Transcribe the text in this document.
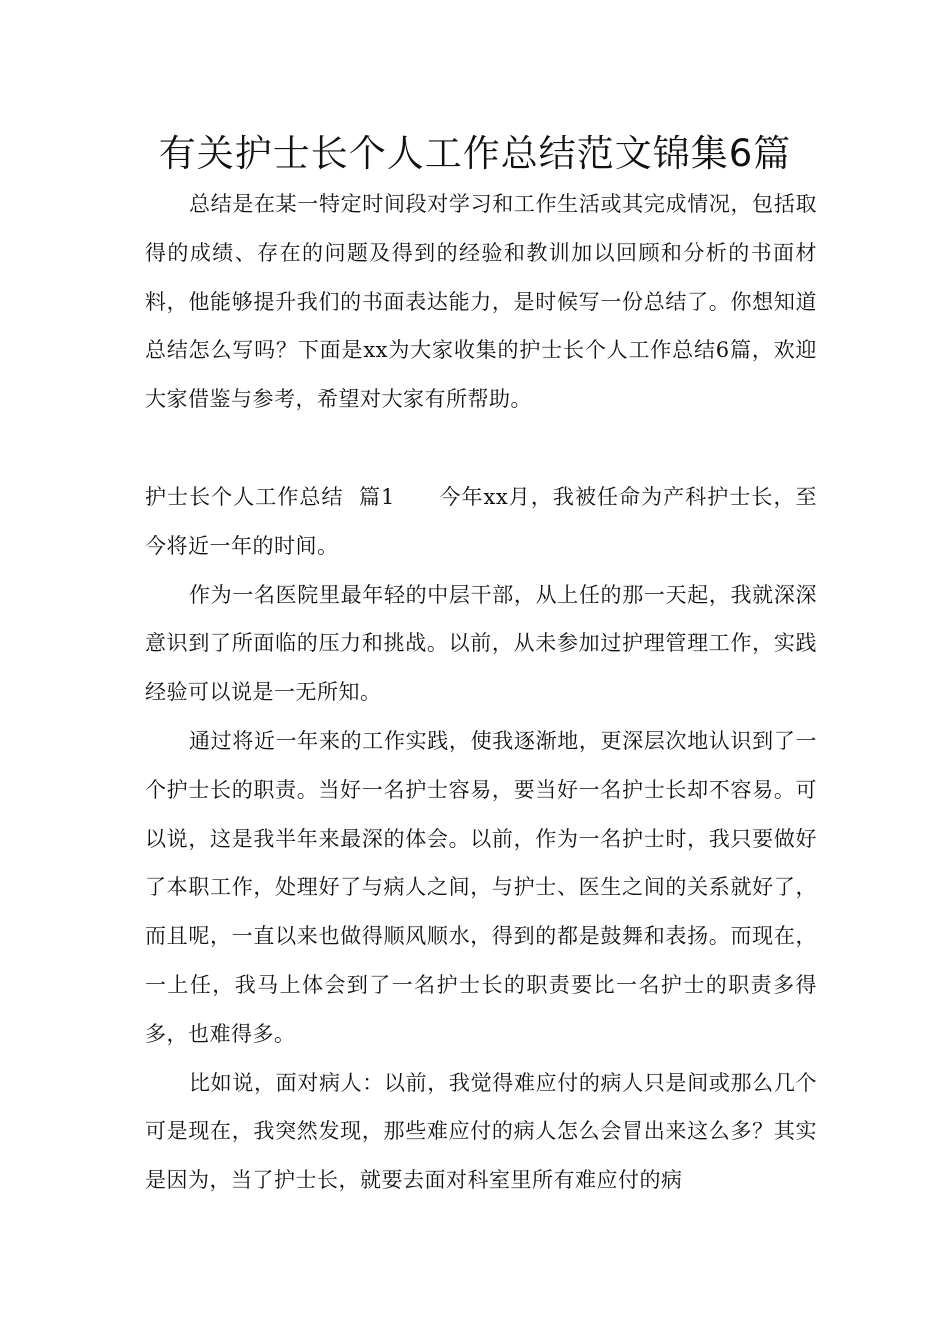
有关护士长个人工作总结范文锦集6篇

总结是在某一特定时间段对学习和工作生活或其完成情况，包括取得的成绩、存在的问题及得到的经验和教训加以回顾和分析的书面材料，他能够提升我们的书面表达能力，是时候写一份总结了。你想知道总结怎么写吗？下面是xx为大家收集的护士长个人工作总结6篇，欢迎大家借鉴与参考，希望对大家有所帮助。

护士长个人工作总结  篇1 今年xx月，我被任命为产科护士长，至今将近一年的时间。

作为一名医院里最年轻的中层干部，从上任的那一天起，我就深深意识到了所面临的压力和挑战。以前，从未参加过护理管理工作，实践经验可以说是一无所知。

通过将近一年来的工作实践，使我逐渐地，更深层次地认识到了一个护士长的职责。当好一名护士容易，要当好一名护士长却不容易。可以说，这是我半年来最深的体会。以前，作为一名护士时，我只要做好了本职工作，处理好了与病人之间，与护士、医生之间的关系就好了，而且呢，一直以来也做得顺风顺水，得到的都是鼓舞和表扬。而现在，一上任，我马上体会到了一名护士长的职责要比一名护士的职责多得多，也难得多。

比如说，面对病人：以前，我觉得难应付的病人只是间或那么几个可是现在，我突然发现，那些难应付的病人怎么会冒出来这么多？其实是因为，当了护士长，就要去面对科室里所有难应付的病
